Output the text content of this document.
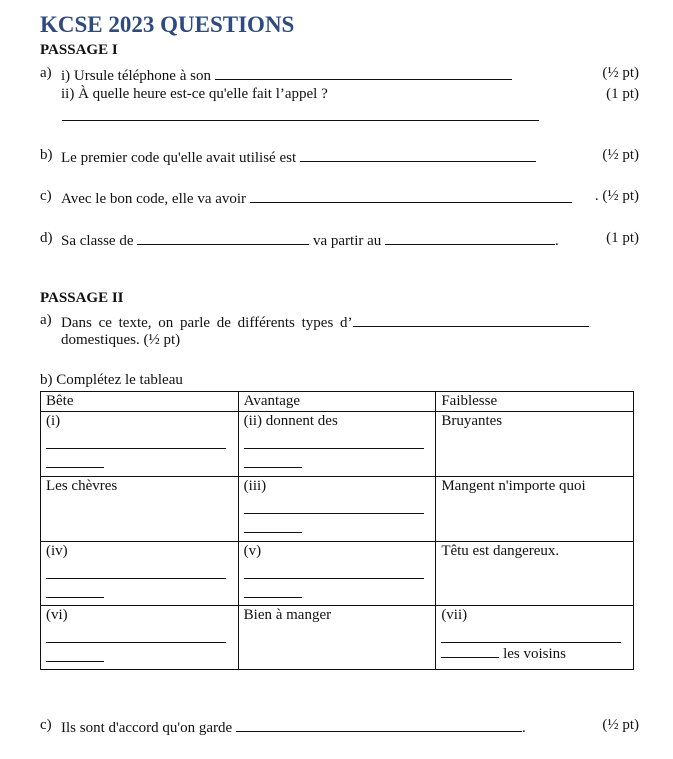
KCSE 2023 QUESTIONS
PASSAGE I
a) i) Ursule téléphone à son	(½ pt)
ii) À quelle heure est-ce qu'elle fait l’appel ?	(1 pt)
b) Le premier code qu'elle avait utilisé est	(½ pt)
c) Avec le bon code, elle va avoir	. (½ pt)
d) Sa classe de	va partir au	.	(1 pt)
PASSAGE II
a) Dans ce texte, on parle de différents types d’
domestiques. (½ pt)
b) Complétez le tableau
Bête	Avantage	Faiblesse
(i)	(ii) donnent des	Bruyantes
Les chèvres	(iii)	Mangent n'importe quoi
(iv)	(v)	Têtu est dangereux.
(vi)	Bien à manger	(vii)
les voisins
c) Ils sont d'accord qu'on garde	.	(½ pt)
